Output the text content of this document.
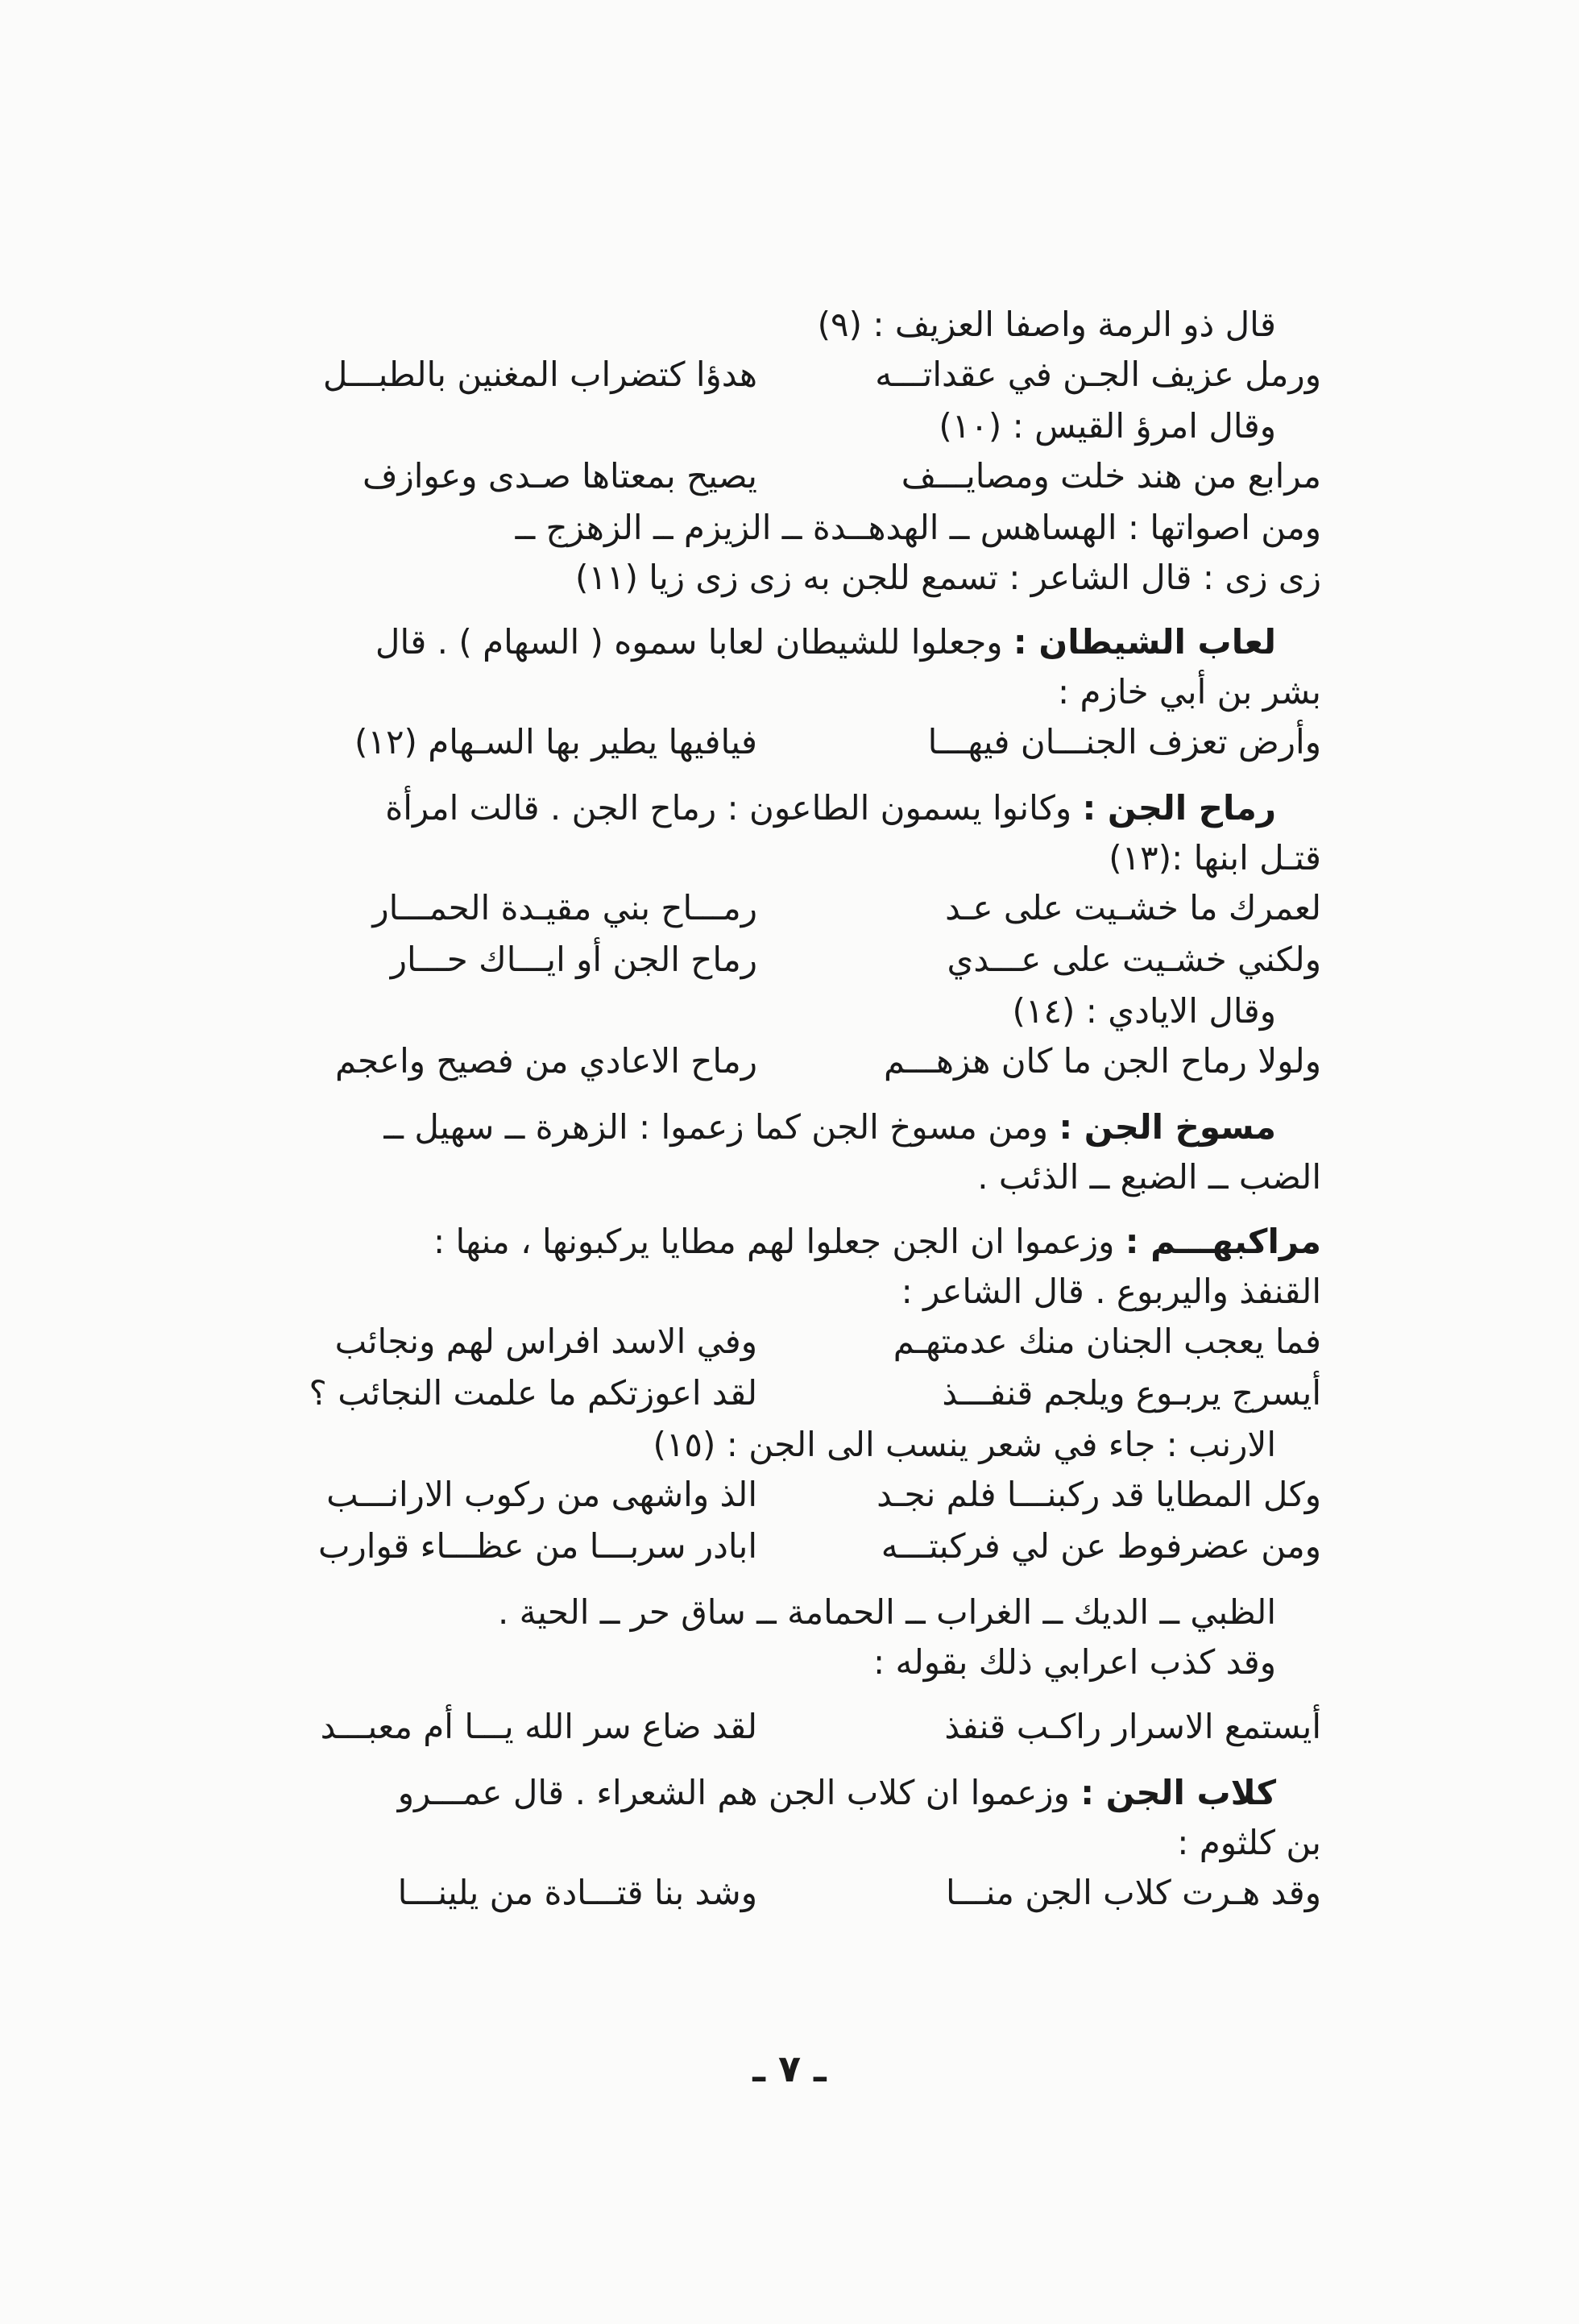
قال ذو الرمة واصفا العزيف : (٩)
ورمل عزيف الجـن في عقداتـــه
هدؤا كتضراب المغنين بالطبـــل
وقال امرؤ القيس : (١٠)
مرابع من هند خلت ومصايـــف
يصيح بمعتاها صـدى وعوازف
ومن اصواتها : الهساهس ــ الهدهــدة ــ الزيزم ــ الزهزج ــ
زى زى : قال الشاعر : تسمع للجن به زى زى زيا (١١)
لعاب الشيطان : وجعلوا للشيطان لعابا سموه ( السهام ) . قال
بشر بن أبي خازم :
وأرض تعزف الجنـــان فيهـــا
فيافيها يطير بها السـهام (١٢)
رماح الجن : وكانوا يسمون الطاعون : رماح الجن . قالت امرأة
قتـل ابنها :(١٣)
لعمرك ما خشـيت على عـد
رمـــاح بني مقيـدة الحمـــار
ولكني خشـيت على عـــدي
رماح الجن أو ايـــاك حـــار
وقال الايادي : (١٤)
ولولا رماح الجن ما كان هزهـــم
رماح الاعادي من فصيح واعجم
مسوخ الجن : ومن مسوخ الجن كما زعموا : الزهرة ــ سهيل ــ
الضب ــ الضبع ــ الذئب .
مراكبهـــم : وزعموا ان الجن جعلوا لهم مطايا يركبونها ، منها :
القنفذ واليربوع . قال الشاعر :
فما يعجب الجنان منك عدمتهـم
وفي الاسد افراس لهم ونجائب
أيسرج يربـوع ويلجم قنفـــذ
لقد اعوزتكم ما علمت النجائب ؟
الارنب : جاء في شعر ينسب الى الجن : (١٥)
وكل المطايا قد ركبنـــا فلم نجـد
الذ واشهى من ركوب الارانـــب
ومن عضرفوط عن لي فركبتـــه
ابادر سربـــا من عظـــاء قوارب
الظبي ــ الديك ــ الغراب ــ الحمامة ــ ساق حر ــ الحية .
وقد كذب اعرابي ذلك بقوله :
أيستمع الاسرار راكـب قنفذ
لقد ضاع سر الله يـــا أم معبـــد
كلاب الجن : وزعموا ان كلاب الجن هم الشعراء . قال عمـــرو
بن كلثوم :
وقد هـرت كلاب الجن منـــا
وشد بنا قتـــادة من يلينـــا
ـ ٧ ـ
